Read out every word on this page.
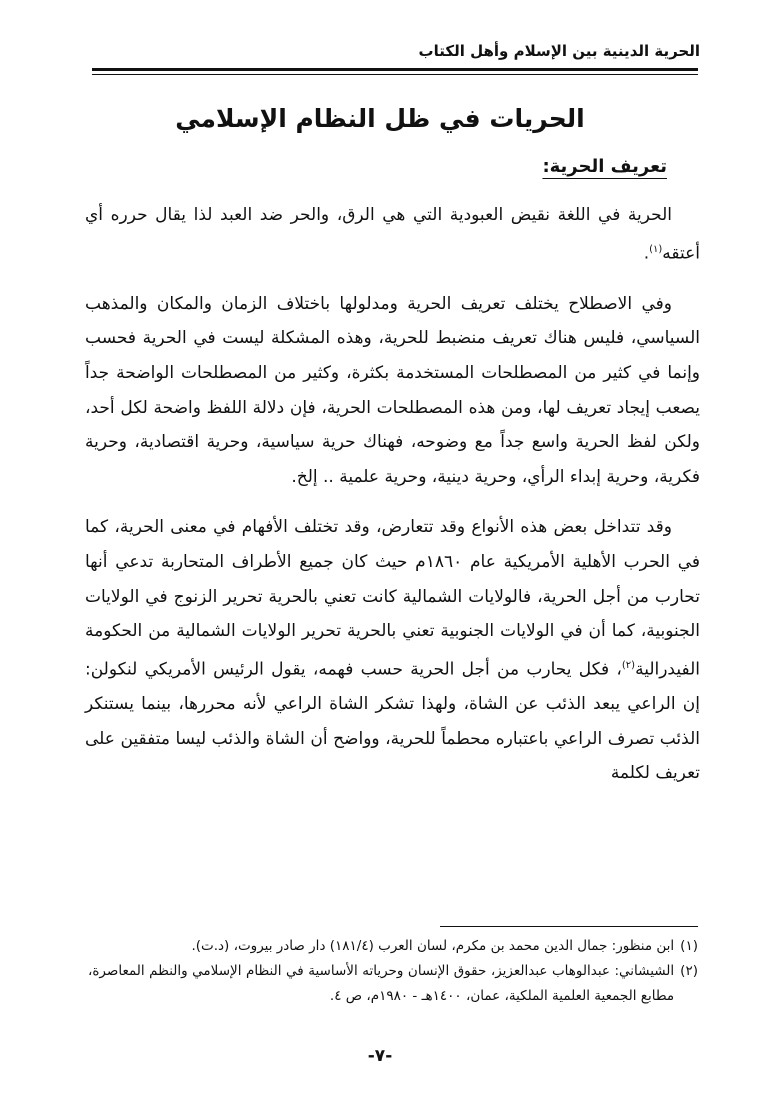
الحرية الدينية بين الإسلام وأهل الكتاب
الحريات في ظل النظام الإسلامي
تعريف الحرية:

الحرية في اللغة نقيض العبودية التي هي الرق، والحر ضد العبد لذا يقال حرره أي أعتقه$^{(١)}$.

وفي الاصطلاح يختلف تعريف الحرية ومدلولها باختلاف الزمان والمكان والمذهب السياسي، فليس هناك تعريف منضبط للحرية، وهذه المشكلة ليست في الحرية فحسب وإنما في كثير من المصطلحات المستخدمة بكثرة، وكثير من المصطلحات الواضحة جداً يصعب إيجاد تعريف لها، ومن هذه المصطلحات الحرية، فإن دلالة اللفظ واضحة لكل أحد، ولكن لفظ الحرية واسع جداً مع وضوحه، فهناك حرية سياسية، وحرية اقتصادية، وحرية فكرية، وحرية إبداء الرأي، وحرية دينية، وحرية علمية .. إلخ.

وقد تتداخل بعض هذه الأنواع وقد تتعارض، وقد تختلف الأفهام في معنى الحرية، كما في الحرب الأهلية الأمريكية عام ١٨٦٠م حيث كان جميع الأطراف المتحاربة تدعي أنها تحارب من أجل الحرية، فالولايات الشمالية كانت تعني بالحرية تحرير الزنوج في الولايات الجنوبية، كما أن في الولايات الجنوبية تعني بالحرية تحرير الولايات الشمالية من الحكومة الفيدرالية$^{(٢)}$، فكل يحارب من أجل الحرية حسب فهمه، يقول الرئيس الأمريكي لنكولن: إن الراعي يبعد الذئب عن الشاة، ولهذا تشكر الشاة الراعي لأنه محررها، بينما يستنكر الذئب تصرف الراعي باعتباره محطماً للحرية، وواضح أن الشاة والذئب ليسا متفقين على تعريف لكلمة

(١)
ابن منظور: جمال الدين محمد بن مكرم، لسان العرب (١٨١/٤) دار صادر بيروت، (د.ت).
(٢)
الشيشاني: عبدالوهاب عبدالعزيز، حقوق الإنسان وحرياته الأساسية في النظام الإسلامي والنظم المعاصرة، مطابع الجمعية العلمية الملكية، عمان، ١٤٠٠هـ - ١٩٨٠م، ص ٤.
-٧-
